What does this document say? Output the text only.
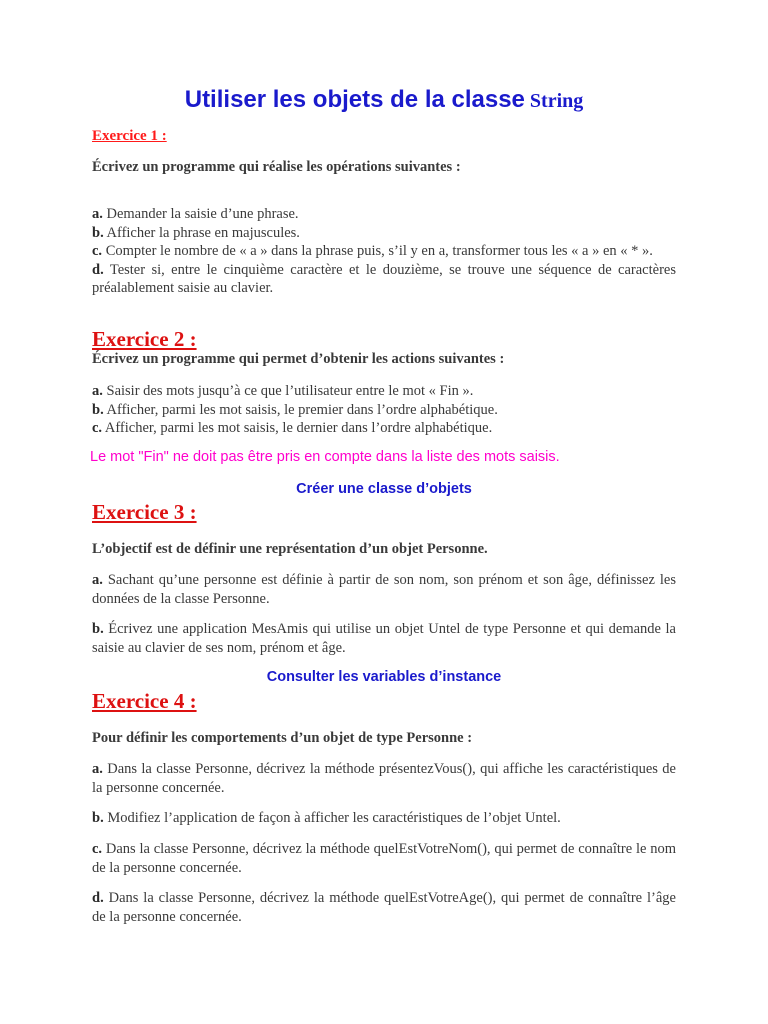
Utiliser les objets de la classe String
Exercice 1 :
Écrivez un programme qui réalise les opérations suivantes :
a. Demander la saisie d’une phrase.
b. Afficher la phrase en majuscules.
c. Compter le nombre de « a » dans la phrase puis, s’il y en a, transformer tous les « a » en « * ».
d. Tester si, entre le cinquième caractère et le douzième, se trouve une séquence de caractères préalablement saisie au clavier.
Exercice 2 :
Écrivez un programme qui permet d’obtenir les actions suivantes :
a. Saisir des mots jusqu’à ce que l’utilisateur entre le mot « Fin ».
b. Afficher, parmi les mot saisis, le premier dans l’ordre alphabétique.
c. Afficher, parmi les mot saisis, le dernier dans l’ordre alphabétique.
Le mot "Fin" ne doit pas être pris en compte dans la liste des mots saisis.
Créer une classe d’objets
Exercice 3 :
L’objectif est de définir une représentation d’un objet Personne.
a. Sachant qu’une personne est définie à partir de son nom, son prénom et son âge, définissez les données de la classe Personne.
b. Écrivez une application MesAmis qui utilise un objet Untel de type Personne et qui demande la saisie au clavier de ses nom, prénom et âge.
Consulter les variables d’instance
Exercice 4 :
Pour définir les comportements d’un objet de type Personne :
a. Dans la classe Personne, décrivez la méthode présentezVous(), qui affiche les caractéristiques de la personne concernée.
b. Modifiez l’application de façon à afficher les caractéristiques de l’objet Untel.
c. Dans la classe Personne, décrivez la méthode quelEstVotreNom(), qui permet de connaître le nom de la personne concernée.
d. Dans la classe Personne, décrivez la méthode quelEstVotreAge(), qui permet de connaître l’âge de la personne concernée.
